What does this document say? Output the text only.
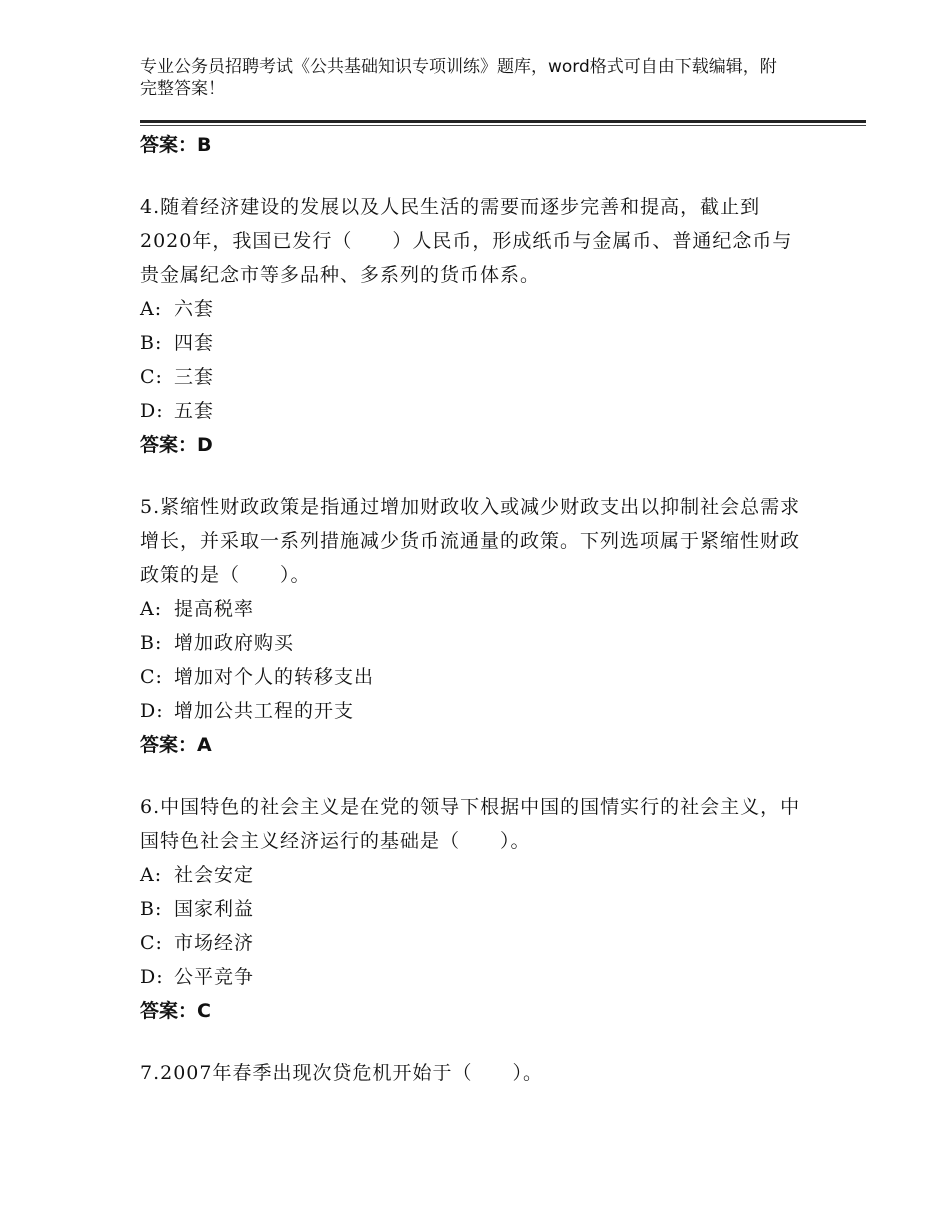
专业公务员招聘考试《公共基础知识专项训练》题库，word格式可自由下载编辑，附完整答案！
答案：B
4.随着经济建设的发展以及人民生活的需要而逐步完善和提高，截止到2020年，我国已发行（　　）人民币，形成纸币与金属币、普通纪念币与贵金属纪念市等多品种、多系列的货币体系。
A: 六套
B: 四套
C: 三套
D: 五套
答案：D
5.紧缩性财政政策是指通过增加财政收入或减少财政支出以抑制社会总需求增长，并采取一系列措施减少货币流通量的政策。下列选项属于紧缩性财政政策的是（　　）。
A: 提高税率
B: 增加政府购买
C: 增加对个人的转移支出
D: 增加公共工程的开支
答案：A
6.中国特色的社会主义是在党的领导下根据中国的国情实行的社会主义，中国特色社会主义经济运行的基础是（　　）。
A: 社会安定
B: 国家利益
C: 市场经济
D: 公平竞争
答案：C
7.2007年春季出现次贷危机开始于（　　）。
